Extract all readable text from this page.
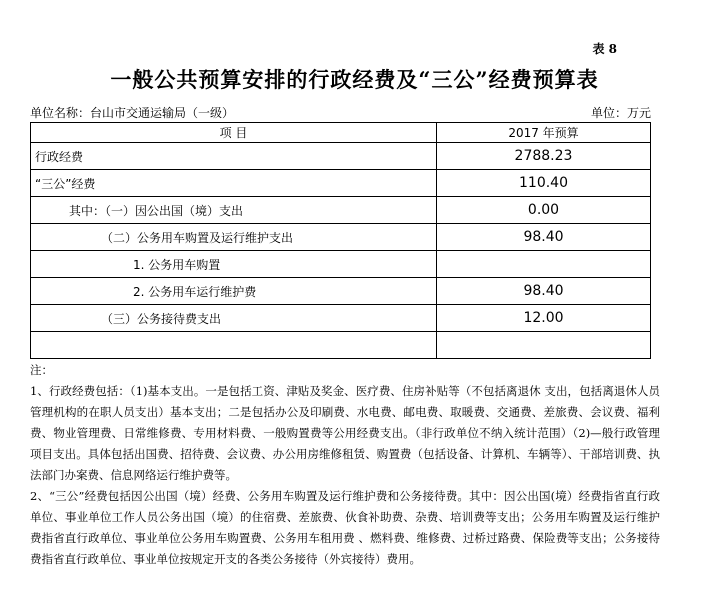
表 8
一般公共预算安排的行政经费及“三公”经费预算表
单位名称：台山市交通运输局（一级）	单位：万元
项 目	2017 年预算
行政经费	2788.23
“三公”经费	110.40
其中：（一）因公出国（境）支出	0.00
（二）公务用车购置及运行维护支出	98.40
1. 公务用车购置	
2. 公务用车运行维护费	98.40
（三）公务接待费支出	12.00

注：

1、行政经费包括：（1)基本支出。一是包括工资、津贴及奖金、医疗费、住房补贴等（不包括离退休 支出，包括离退休人员管理机构的在职人员支出）基本支出；二是包括办公及印刷费、水电费、邮电费、取暖费、交通费、差旅费、会议费、福利费、物业管理费、日常维修费、专用材料费、一般购置费等公用经费支出。（非行政单位不纳入统计范围）（2)—般行政管理项目支出。具体包括出国费、招待费、会议费、办公用房维修租赁、购置费（包括设备、计算机、车辆等）、干部培训费、执法部门办案费、信息网络运行维护费等。

2、“三公”经费包括因公出国（境）经费、公务用车购置及运行维护费和公务接待费。其中：因公出国(境）经费指省直行政单位、事业单位工作人员公务出国（境）的住宿费、差旅费、伙食补助费、杂费、培训费等支出；公务用车购置及运行维护费指省直行政单位、事业单位公务用车购置费、公务用车租用费 、燃料费、维修费、过桥过路费、保险费等支出；公务接待费指省直行政单位、事业单位按规定开支的各类公务接待（外宾接待）费用。
